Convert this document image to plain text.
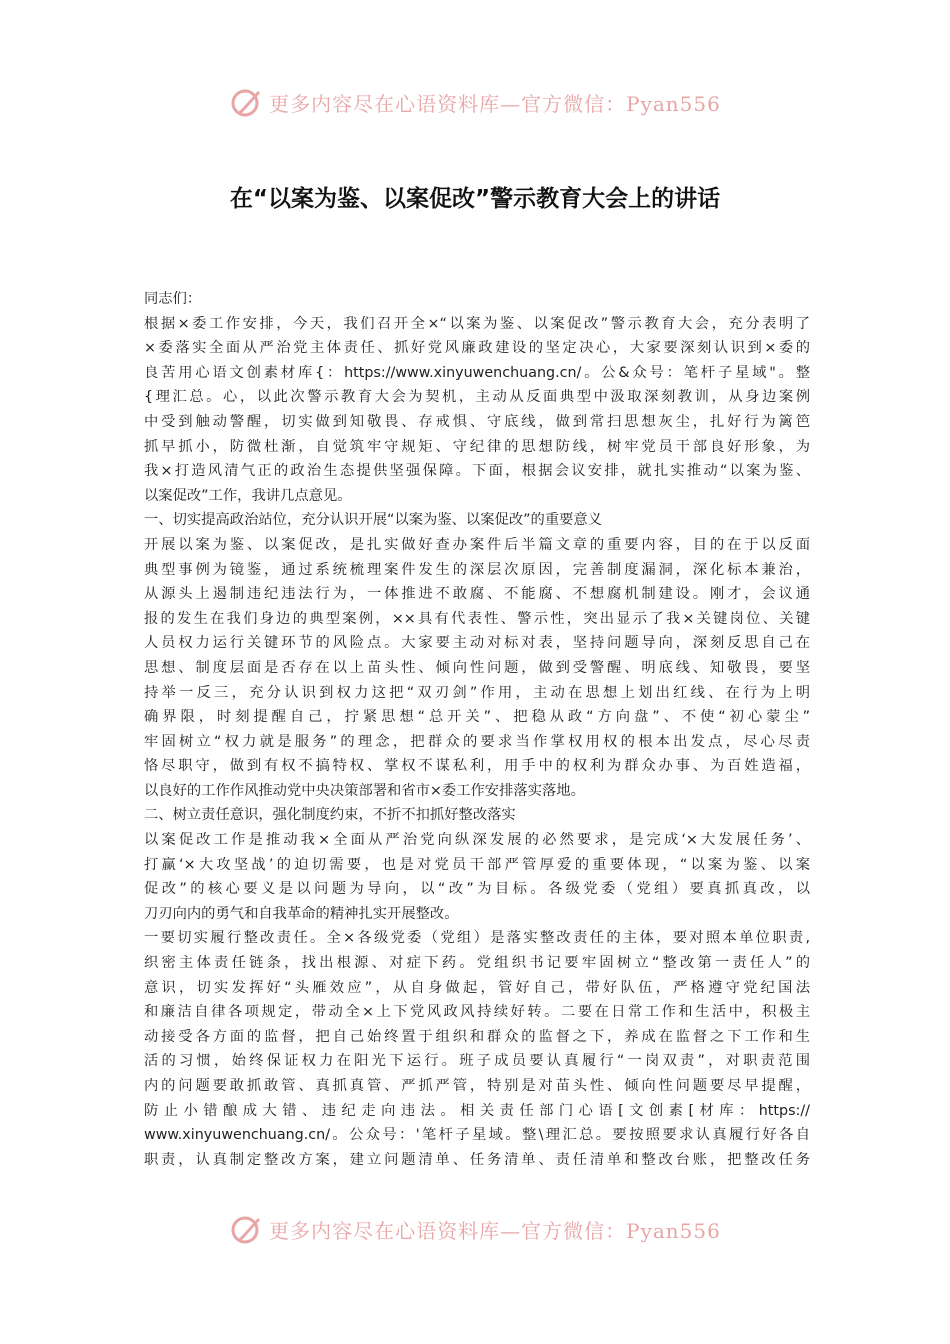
更多内容尽在心语资料库—官方微信：Pyan556
在“以案为鉴、以案促改”警示教育大会上的讲话
同志们：
根据×委工作安排，今天，我们召开全×“以案为鉴、以案促改”警示教育大会，充分表明了
×委落实全面从严治党主体责任、抓好党风廉政建设的坚定决心，大家要深刻认识到×委的
良苦用心语文创素材库{：https://www.xinyuwenchuang.cn/。公&众号：笔杆子星域"。整
{理汇总。心，以此次警示教育大会为契机，主动从反面典型中汲取深刻教训，从身边案例
中受到触动警醒，切实做到知敬畏、存戒惧、守底线，做到常扫思想灰尘，扎好行为篱笆
抓早抓小，防微杜渐，自觉筑牢守规矩、守纪律的思想防线，树牢党员干部良好形象，为
我×打造风清气正的政治生态提供坚强保障。下面，根据会议安排，就扎实推动“以案为鉴、
以案促改”工作，我讲几点意见。
一、切实提高政治站位，充分认识开展“以案为鉴、以案促改”的重要意义
开展以案为鉴、以案促改，是扎实做好查办案件后半篇文章的重要内容，目的在于以反面
典型事例为镜鉴，通过系统梳理案件发生的深层次原因，完善制度漏洞，深化标本兼治，
从源头上遏制违纪违法行为，一体推进不敢腐、不能腐、不想腐机制建设。刚才，会议通
报的发生在我们身边的典型案例，××具有代表性、警示性，突出显示了我×关键岗位、关键
人员权力运行关键环节的风险点。大家要主动对标对表，坚持问题导向，深刻反思自己在
思想、制度层面是否存在以上苗头性、倾向性问题，做到受警醒、明底线、知敬畏，要坚
持举一反三，充分认识到权力这把“双刃剑”作用，主动在思想上划出红线、在行为上明
确界限，时刻提醒自己，拧紧思想“总开关”、把稳从政“方向盘”、不使“初心蒙尘”
牢固树立“权力就是服务”的理念，把群众的要求当作掌权用权的根本出发点，尽心尽责
恪尽职守，做到有权不搞特权、掌权不谋私利，用手中的权利为群众办事、为百姓造福，
以良好的工作作风推动党中央决策部署和省市×委工作安排落实落地。
二、树立责任意识，强化制度约束，不折不扣抓好整改落实
以案促改工作是推动我×全面从严治党向纵深发展的必然要求，是完成‘×大发展任务’、
打赢‘×大攻坚战’的迫切需要，也是对党员干部严管厚爱的重要体现，“以案为鉴、以案
促改”的核心要义是以问题为导向，以“改”为目标。各级党委（党组）要真抓真改，以
刀刃向内的勇气和自我革命的精神扎实开展整改。
一要切实履行整改责任。全×各级党委（党组）是落实整改责任的主体，要对照本单位职责,
织密主体责任链条，找出根源、对症下药。党组织书记要牢固树立“整改第一责任人”的
意识，切实发挥好“头雁效应”，从自身做起，管好自己，带好队伍，严格遵守党纪国法
和廉洁自律各项规定，带动全×上下党风政风持续好转。二要在日常工作和生活中，积极主
动接受各方面的监督，把自己始终置于组织和群众的监督之下，养成在监督之下工作和生
活的习惯，始终保证权力在阳光下运行。班子成员要认真履行“一岗双责”，对职责范围
内的问题要敢抓敢管、真抓真管、严抓严管，特别是对苗头性、倾向性问题要尽早提醒，
防止小错酿成大错、违纪走向违法。相关责任部门心语[文创素[材库：https://
www.xinyuwenchuang.cn/。公众号：'笔杆子星域。整\理汇总。要按照要求认真履行好各自
职责，认真制定整改方案，建立问题清单、任务清单、责任清单和整改台账，把整改任务
更多内容尽在心语资料库—官方微信：Pyan556
